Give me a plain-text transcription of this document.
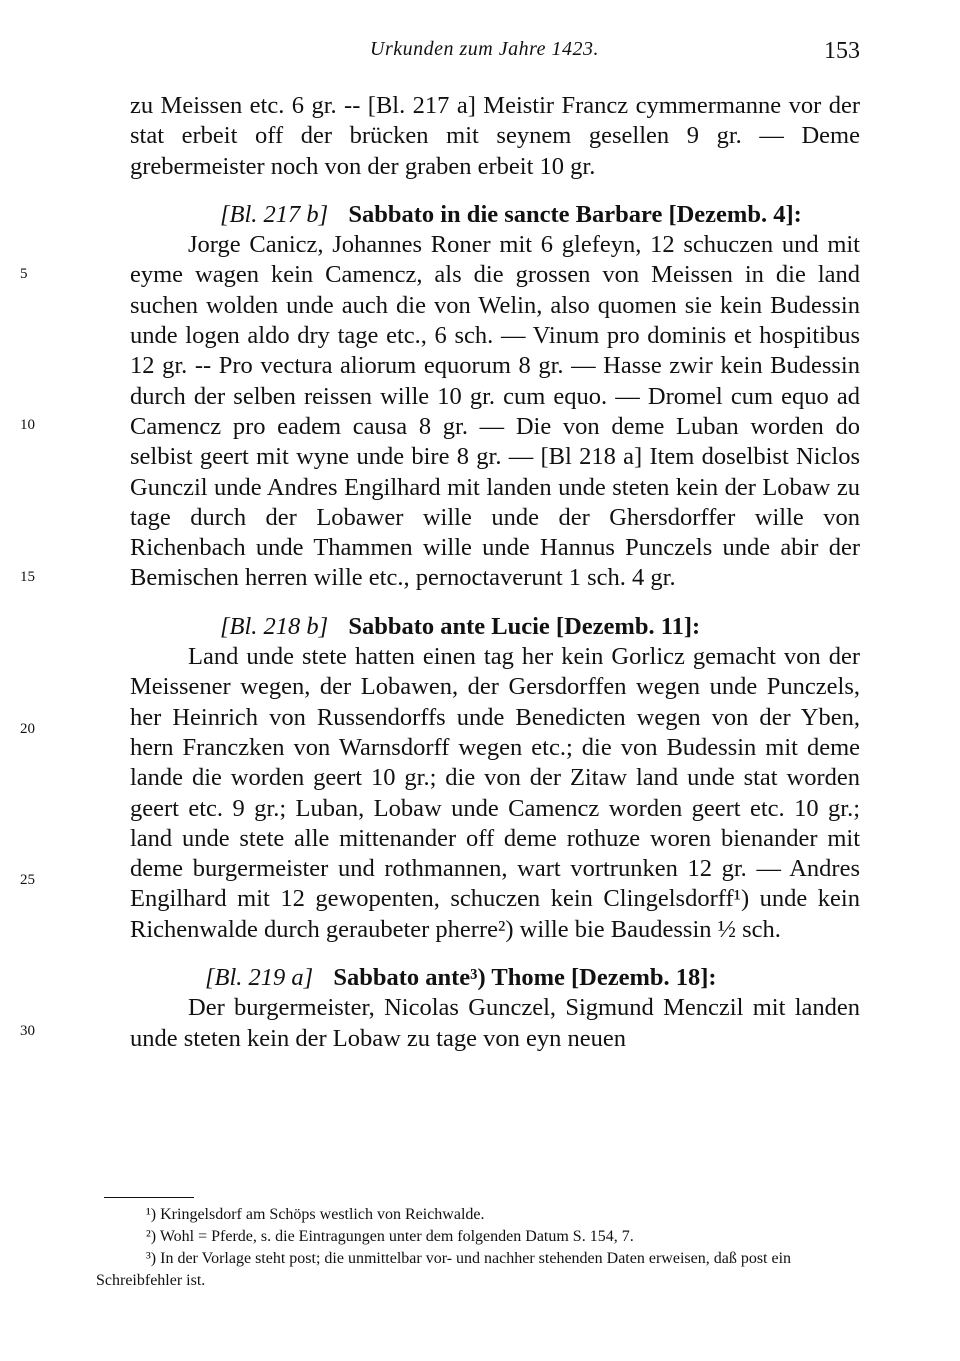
Urkunden zum Jahre 1423.	153
5
10
15
20
25
30

zu Meissen etc. 6 gr. -- [Bl. 217 a] Meistir Francz cymmermanne vor der stat erbeit off der brücken mit seynem gesellen 9 gr. — Deme grebermeister noch von der graben erbeit 10 gr.

[Bl. 217 b] Sabbato in die sancte Barbare [Dezemb. 4]:

Jorge Canicz, Johannes Roner mit 6 glefeyn, 12 schuczen und mit eyme wagen kein Camencz, als die grossen von Meissen in die land suchen wolden unde auch die von Welin, also quomen sie kein Budessin unde logen aldo dry tage etc., 6 sch. — Vinum pro dominis et hospitibus 12 gr. -- Pro vectura aliorum equorum 8 gr. — Hasse zwir kein Budessin durch der selben reissen wille 10 gr. cum equo. — Dromel cum equo ad Camencz pro eadem causa 8 gr. — Die von deme Luban worden do selbist geert mit wyne unde bire 8 gr. — [Bl 218 a] Item doselbist Niclos Gunczil unde Andres Engilhard mit landen unde steten kein der Lobaw zu tage durch der Lobawer wille unde der Ghersdorffer wille von Richenbach unde Thammen wille unde Hannus Punczels unde abir der Bemischen herren wille etc., pernoctaverunt 1 sch. 4 gr.

[Bl. 218 b] Sabbato ante Lucie [Dezemb. 11]:

Land unde stete hatten einen tag her kein Gorlicz gemacht von der Meissener wegen, der Lobawen, der Gersdorffen wegen unde Punczels, her Heinrich von Russendorffs unde Benedicten wegen von der Yben, hern Franczken von Warnsdorff wegen etc.; die von Budessin mit deme lande die worden geert 10 gr.; die von der Zitaw land unde stat worden geert etc. 9 gr.; Luban, Lobaw unde Camencz worden geert etc. 10 gr.; land unde stete alle mittenander off deme rothuze woren bienander mit deme burgermeister und rothmannen, wart vortrunken 12 gr. — Andres Engilhard mit 12 gewopenten, schuczen kein Clingelsdorff¹) unde kein Richenwalde durch geraubeter pherre²) wille bie Baudessin ½ sch.

[Bl. 219 a] Sabbato ante³) Thome [Dezemb. 18]:

Der burgermeister, Nicolas Gunczel, Sigmund Menczil mit landen unde steten kein der Lobaw zu tage von eyn neuen

¹) Kringelsdorf am Schöps westlich von Reichwalde.

²) Wohl = Pferde, s. die Eintragungen unter dem folgenden Datum S. 154, 7.

³) In der Vorlage steht post; die unmittelbar vor- und nachher stehenden Daten erweisen, daß post ein Schreibfehler ist.
